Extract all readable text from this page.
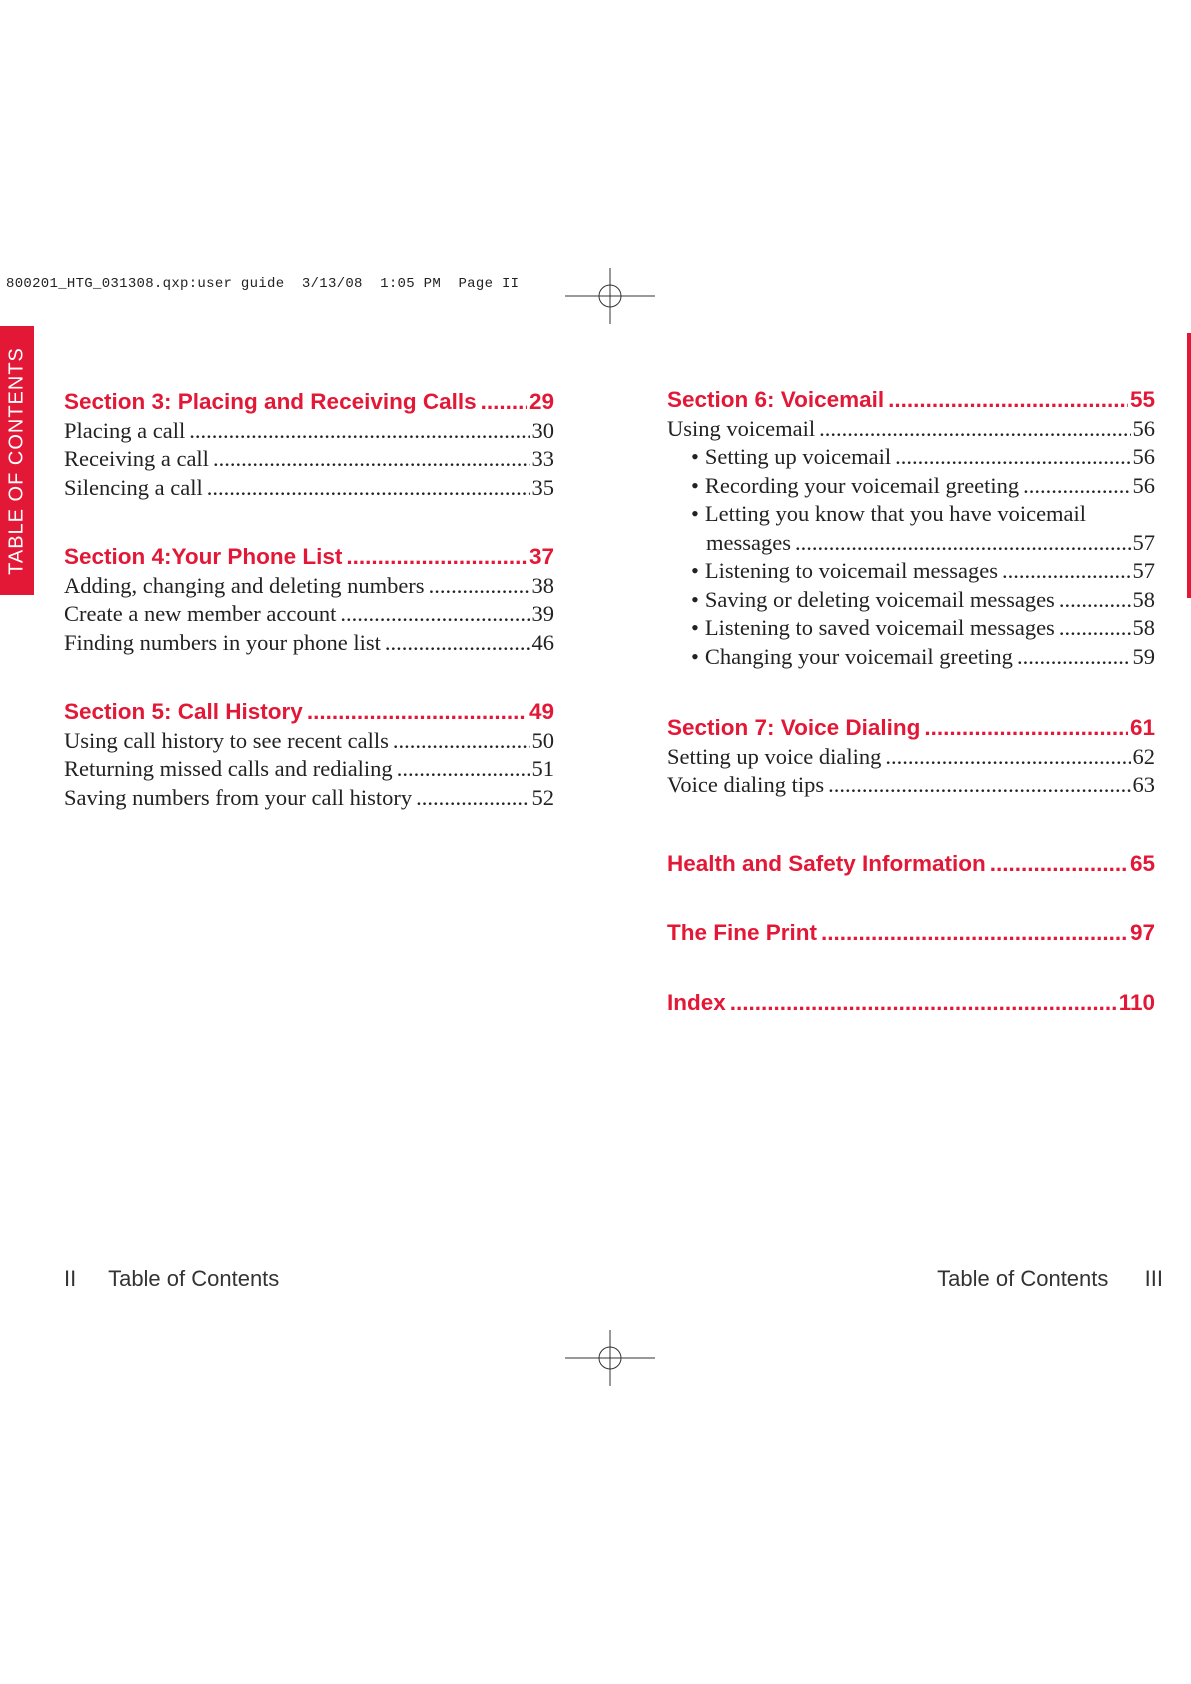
800201_HTG_031308.qxp:user guide  3/13/08  1:05 PM  Page II
TABLE OF CONTENTS Section 3: Placing and Receiving Calls ..... 29
Placing a call .....	30
Receiving a call .....	33
Silencing a call .....	35
Section 4:Your Phone List .....	37
Adding, changing and deleting numbers .....	38
Create a new member account .....	39
Finding numbers in your phone list .....	46
Section 5: Call History .....	49
Using call history to see recent calls .....	50
Returning missed calls and redialing .....	51
Saving numbers from your call history .....	52
Section 6: Voicemail .....	55
Using voicemail .....	56
• Setting up voicemail .....	56
• Recording your voicemail greeting .....	56
• Letting you know that you have voicemail
messages .....	57
• Listening to voicemail messages .....	57
• Saving or deleting voicemail messages .....	58
• Listening to saved voicemail messages .....	58
• Changing your voicemail greeting .....	59
Section 7: Voice Dialing .....	61
Setting up voice dialing .....	62
Voice dialing tips .....	63
Health and Safety Information .....	65
The Fine Print .....	97
Index .....	110
II Table of Contents	Table of Contents III
